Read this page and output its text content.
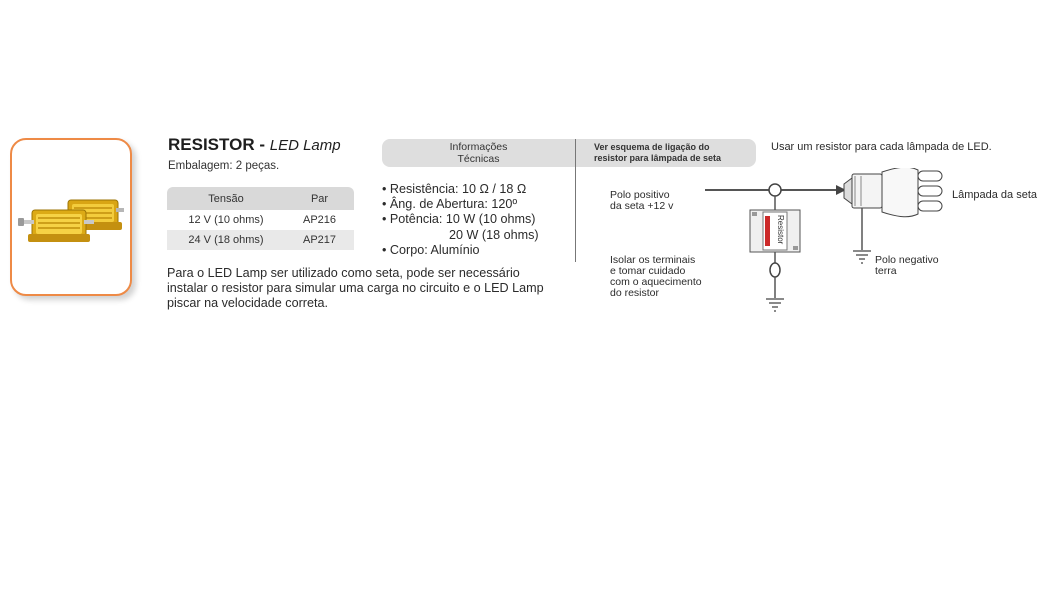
RESISTOR - LED Lamp
Embalagem: 2 peças.
Tensão	Par
12 V (10 ohms)	AP216
24 V (18 ohms)	AP217
Para o LED Lamp ser utilizado como seta, pode ser necessário instalar o resistor para simular uma carga no circuito e o LED Lamp piscar na velocidade correta.
Informações
Técnicas
Ver esquema de ligação do
resistor para lâmpada de seta
• Resistência: 10 Ω / 18 Ω
• Âng. de Abertura: 120º
• Potência: 10 W (10 ohms)
20 W (18 ohms)
• Corpo: Alumínio
Usar um resistor para cada lâmpada de LED.
Resistor
Polo positivo
da seta +12 v
Lâmpada da seta
Polo negativo
terra
Isolar os terminais
e tomar cuidado
com o aquecimento
do resistor
